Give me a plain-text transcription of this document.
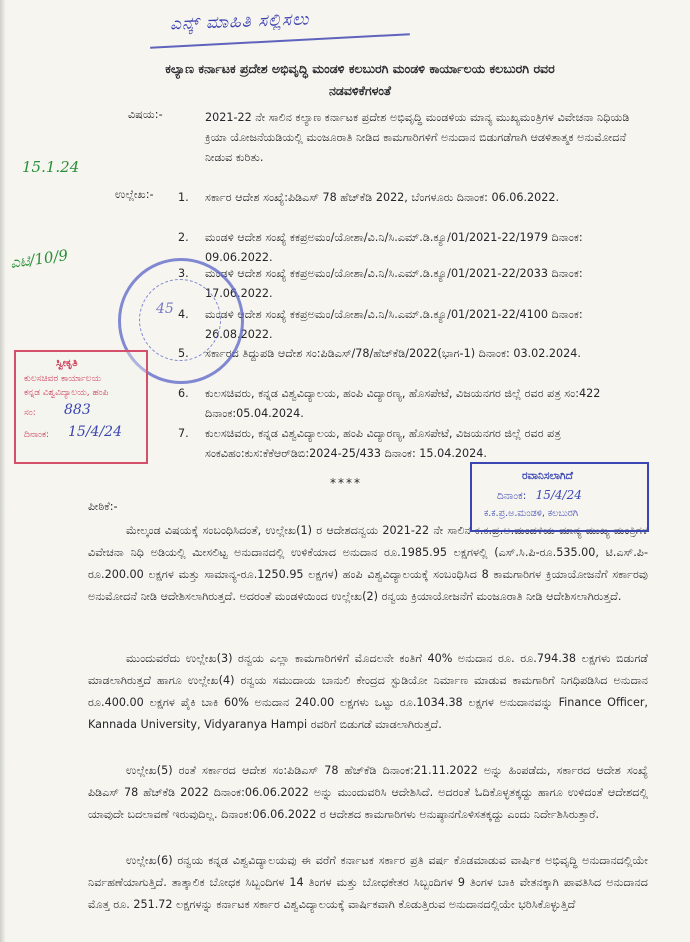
ಎನ್ಕ್ ಮಾಹಿತಿ ಸಲ್ಲಿಸಲು
ಕಲ್ಯಾಣ ಕರ್ನಾಟಕ ಪ್ರದೇಶ ಅಭಿವೃದ್ಧಿ ಮಂಡಳಿ ಕಲಬುರಗಿ ಮಂಡಳಿ ಕಾರ್ಯಾಲಯ ಕಲಬುರಗಿ ರವರ
ನಡವಳಿಕೆಗಳಂತೆ
ವಿಷಯ:-	2021-22 ನೇ ಸಾಲಿನ ಕಲ್ಯಾಣ ಕರ್ನಾಟಕ ಪ್ರದೇಶ ಅಭಿವೃದ್ಧಿ ಮಂಡಳಿಯ ಮಾನ್ಯ ಮುಖ್ಯಮಂತ್ರಿಗಳ ವಿವೇಚನಾ ನಿಧಿಯಡಿ ಕ್ರಿಯಾ ಯೋಜನೆಯಡಿಯಲ್ಲಿ ಮಂಜೂರಾತಿ ನೀಡಿದ ಕಾಮಗಾರಿಗಳಿಗೆ ಅನುದಾನ ಬಿಡುಗಡೆಗಾಗಿ ಆಡಳಿತಾತ್ಮಕ ಅನುಮೋದನೆ ನೀಡುವ ಕುರಿತು.
ಉಲ್ಲೇಖ:- 1.	ಸರ್ಕಾರ ಆದೇಶ ಸಂಖ್ಯೆ:ಪಿಡಿಎಸ್ 78 ಹೆಚ್‌ಕೆಡಿ 2022, ಬೆಂಗಳೂರು ದಿನಾಂಕ: 06.06.2022.
2.	ಮಂಡಳಿ ಆದೇಶ ಸಂಖ್ಯೆ ಕಕಪ್ರಅಮಂ/ಯೋಶಾ/ವಿ.ನಿ/ಸಿ.ಎಮ್.ಡಿ.ಕ್ಯೂ/01/2021-22/1979 ದಿನಾಂಕ: 09.06.2022.
3.	ಮಂಡಳಿ ಆದೇಶ ಸಂಖ್ಯೆ ಕಕಪ್ರಅಮಂ/ಯೋಶಾ/ವಿ.ನಿ/ಸಿ.ಎಮ್.ಡಿ.ಕ್ಯೂ/01/2021-22/2033 ದಿನಾಂಕ: 17.06.2022.
4.	ಮಂಡಳಿ ಆದೇಶ ಸಂಖ್ಯೆ ಕಕಪ್ರಅಮಂ/ಯೋಶಾ/ವಿ.ನಿ/ಸಿ.ಎಮ್.ಡಿ.ಕ್ಯೂ/01/2021-22/4100 ದಿನಾಂಕ: 26.08.2022.
5.	ಸರ್ಕಾರದ ತಿದ್ದುಪಡಿ ಆದೇಶ ಸಂ:ಪಿಡಿಎಸ್/78/ಹೆಚ್‌ಕೆಡಿ/2022(ಭಾಗ-1) ದಿನಾಂಕ: 03.02.2024.
6.	ಕುಲಸಚಿವರು, ಕನ್ನಡ ವಿಶ್ವವಿದ್ಯಾಲಯ, ಹಂಪಿ ವಿದ್ಯಾರಣ್ಯ, ಹೊಸಪೇಟೆ, ವಿಜಯನಗರ ಜಿಲ್ಲೆ ರವರ ಪತ್ರ ಸಂ:422 ದಿನಾಂಕ:05.04.2024.
7.	ಕುಲಸಚಿವರು, ಕನ್ನಡ ವಿಶ್ವವಿದ್ಯಾಲಯ, ಹಂಪಿ ವಿದ್ಯಾರಣ್ಯ, ಹೊಸಪೇಟೆ, ವಿಜಯನಗರ ಜಿಲ್ಲೆ ರವರ ಪತ್ರ ಸಂಕವಿಹಂ:ಕುಸ:ಕೆಕೆಆರ್‌ಡಿಬಿ:2024-25/433 ದಿನಾಂಕ: 15.04.2024.
****
ಪೀಠಿಕೆ:-
ಮೇಲ್ಕಂಡ ವಿಷಯಕ್ಕೆ ಸಂಬಂಧಿಸಿದಂತೆ, ಉಲ್ಲೇಖ(1) ರ ಆದೇಶದನ್ವಯ 2021-22 ನೇ ಸಾಲಿನ ಕ.ಕ.ಪ್ರ.ಅ.ಮಂಡಳಿಯ ಮಾನ್ಯ ಮುಖ್ಯ ಮಂತ್ರಿಗಳ ವಿವೇಚನಾ ನಿಧಿ ಅಡಿಯಲ್ಲಿ ಮೀಸಲಿಟ್ಟ ಅನುದಾನದಲ್ಲಿ ಉಳಿಕೆಯಾದ ಅನುದಾನ ರೂ.1985.95 ಲಕ್ಷಗಳಲ್ಲಿ (ಎಸ್.ಸಿ.ಪಿ-ರೂ.535.00, ಟಿ.ಎಸ್.ಪಿ-ರೂ.200.00 ಲಕ್ಷಗಳ ಮತ್ತು ಸಾಮಾನ್ಯ-ರೂ.1250.95 ಲಕ್ಷಗಳ) ಹಂಪಿ ವಿಶ್ವವಿದ್ಯಾಲಯಕ್ಕೆ ಸಂಬಂಧಿಸಿದ 8 ಕಾಮಗಾರಿಗಳ ಕ್ರಿಯಾಯೋಜನೆಗೆ ಸರ್ಕಾರವು ಅನುಮೋದನೆ ನೀಡಿ ಆದೇಶಿಸಲಾಗಿರುತ್ತದೆ. ಅದರಂತೆ ಮಂಡಳಿಯಿಂದ ಉಲ್ಲೇಖ(2) ರನ್ವಯ ಕ್ರಿಯಾಯೋಜನೆಗೆ ಮಂಜೂರಾತಿ ನೀಡಿ ಆದೇಶಿಸಲಾಗಿರುತ್ತದೆ.
ಮುಂದುವರೆದು ಉಲ್ಲೇಖ(3) ರನ್ವಯ ಎಲ್ಲಾ ಕಾಮಗಾರಿಗಳಿಗೆ ಮೊದಲನೇ ಕಂತಿಗೆ 40% ಅನುದಾನ ರೂ. ರೂ.794.38 ಲಕ್ಷಗಳು ಬಿಡುಗಡೆ ಮಾಡಲಾಗಿರುತ್ತದೆ ಹಾಗೂ ಉಲ್ಲೇಖ(4) ರನ್ವಯ ಸಮುದಾಯ ಬಾನುಲಿ ಕೇಂದ್ರದ ಸ್ಟುಡಿಯೋ ನಿರ್ಮಾಣ ಮಾಡುವ ಕಾಮಗಾರಿಗೆ ನಿಗಧಿಪಡಿಸಿದ ಅನುದಾನ ರೂ.400.00 ಲಕ್ಷಗಳ ಪೈಕಿ ಬಾಕಿ 60% ಅನುದಾನ 240.00 ಲಕ್ಷಗಳು ಒಟ್ಟು ರೂ.1034.38 ಲಕ್ಷಗಳ ಅನುದಾನವನ್ನು Finance Officer, Kannada University, Vidyaranya Hampi ರವರಿಗೆ ಬಿಡುಗಡೆ ಮಾಡಲಾಗಿರುತ್ತದೆ.
ಉಲ್ಲೇಖ(5) ರಂತೆ ಸರ್ಕಾರದ ಆದೇಶ ಸಂ:ಪಿಡಿಎಸ್ 78 ಹೆಚ್‌ಕೆಡಿ ದಿನಾಂಕ:21.11.2022 ಅನ್ನು ಹಿಂಪಡೆದು, ಸರ್ಕಾರದ ಆದೇಶ ಸಂಖ್ಯೆ ಪಿಡಿಎಸ್ 78 ಹೆಚ್‌ಕೆಡಿ 2022 ದಿನಾಂಕ:06.06.2022 ಅನ್ನು ಮುಂದುವರಿಸಿ ಆದೇಶಿಸಿದೆ. ಅದರಂತೆ ಓದಿಕೊಳ್ಳತಕ್ಕದ್ದು ಹಾಗೂ ಉಳಿದಂತೆ ಆದೇಶದಲ್ಲಿ ಯಾವುದೇ ಬದಲಾವಣೆ ಇರುವುದಿಲ್ಲ. ದಿನಾಂಕ:06.06.2022 ರ ಆದೇಶದ ಕಾಮಗಾರಿಗಳು ಅನುಷ್ಠಾನಗೊಳಿಸತಕ್ಕದ್ದು ಎಂದು ನಿರ್ದೇಶಿಸಿರುತ್ತಾರೆ.
ಉಲ್ಲೇಖ(6) ರನ್ವಯ ಕನ್ನಡ ವಿಶ್ವವಿದ್ಯಾಲಯವು ಈ ವರೆಗೆ ಕರ್ನಾಟಕ ಸರ್ಕಾರ ಪ್ರತಿ ವರ್ಷ ಕೊಡಮಾಡುವ ವಾರ್ಷಿಕ ಅಭಿವೃದ್ಧಿ ಅನುದಾನದಲ್ಲಿಯೇ ನಿರ್ವಹಣೆಯಾಗುತ್ತಿದೆ. ತಾತ್ಕಾಲಿಕ ಬೋಧಕ ಸಿಬ್ಬಂದಿಗಳ 14 ತಿಂಗಳ ಮತ್ತು ಬೋಧಕೇತರ ಸಿಬ್ಬಂದಿಗಳ 9 ತಿಂಗಳ ಬಾಕಿ ವೇತನಕ್ಕಾಗಿ ಪಾವತಿಸಿದ ಅನುದಾನದ ಮೊತ್ತ ರೂ. 251.72 ಲಕ್ಷಗಳನ್ನು ಕರ್ನಾಟಕ ಸರ್ಕಾರ ವಿಶ್ವವಿದ್ಯಾಲಯಕ್ಕೆ ವಾರ್ಷಿಕವಾಗಿ ಕೊಡುತ್ತಿರುವ ಅನುದಾನದಲ್ಲಿಯೇ ಭರಿಸಿಕೊಳ್ಳುತ್ತಿದೆ
15.1.24
ಎಟಿ/10/9
45
ಸ್ವೀಕೃತಿ
ಕುಲಸಚಿವರ ಕಾರ್ಯಾಲಯ
ಕನ್ನಡ ವಿಶ್ವವಿದ್ಯಾಲಯ, ಹಂಪಿ
ಸಂ: 883
ದಿನಾಂಕ: 15/4/24
ರವಾನಿಸಲಾಗಿದೆ
ದಿನಾಂಕ: 15/4/24
ಕ.ಕ.ಪ್ರ.ಅ.ಮಂಡಳಿ, ಕಲಬುರಗಿ
